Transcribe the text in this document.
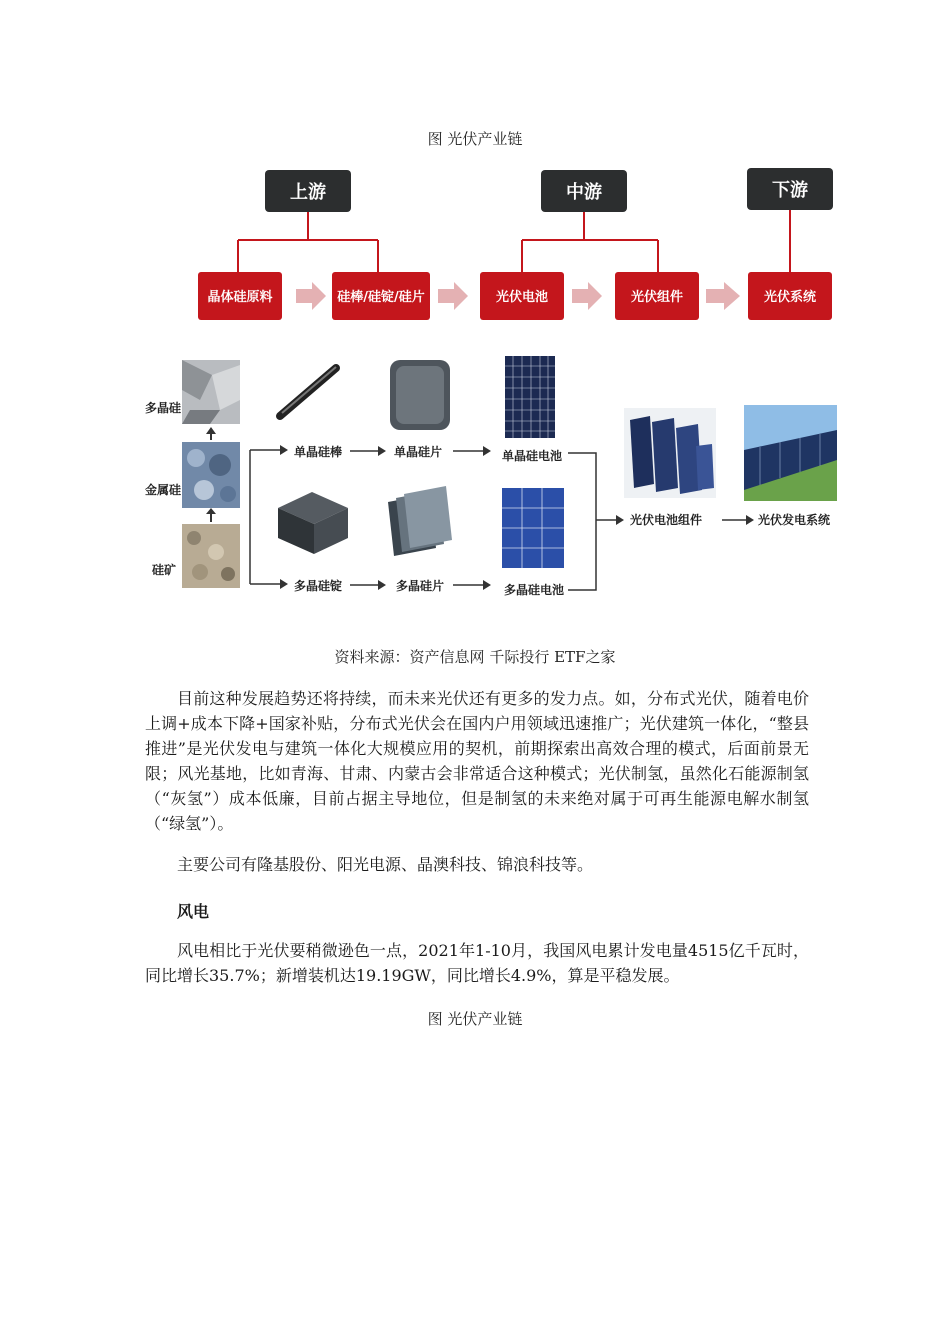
图 光伏产业链
上游	中游	下游
晶体硅原料	硅棒/硅锭/硅片	光伏电池	光伏组件	光伏系统
多晶硅
金属硅
硅矿
单晶硅棒	单晶硅片	单晶硅电池
多晶硅锭	多晶硅片	多晶硅电池
光伏电池组件	光伏发电系统
资料来源：资产信息网 千际投行 ETF之家

目前这种发展趋势还将持续，而未来光伏还有更多的发力点。如，分布式光伏，随着电价上调+成本下降+国家补贴，分布式光伏会在国内户用领域迅速推广；光伏建筑一体化，“整县推进”是光伏发电与建筑一体化大规模应用的契机，前期探索出高效合理的模式，后面前景无限；风光基地，比如青海、甘肃、内蒙古会非常适合这种模式；光伏制氢，虽然化石能源制氢（“灰氢”）成本低廉，目前占据主导地位，但是制氢的未来绝对属于可再生能源电解水制氢（“绿氢”）。

主要公司有隆基股份、阳光电源、晶澳科技、锦浪科技等。

风电

风电相比于光伏要稍微逊色一点，2021年1-10月，我国风电累计发电量4515亿千瓦时，同比增长35.7%；新增装机达19.19GW，同比增长4.9%，算是平稳发展。

图 光伏产业链
